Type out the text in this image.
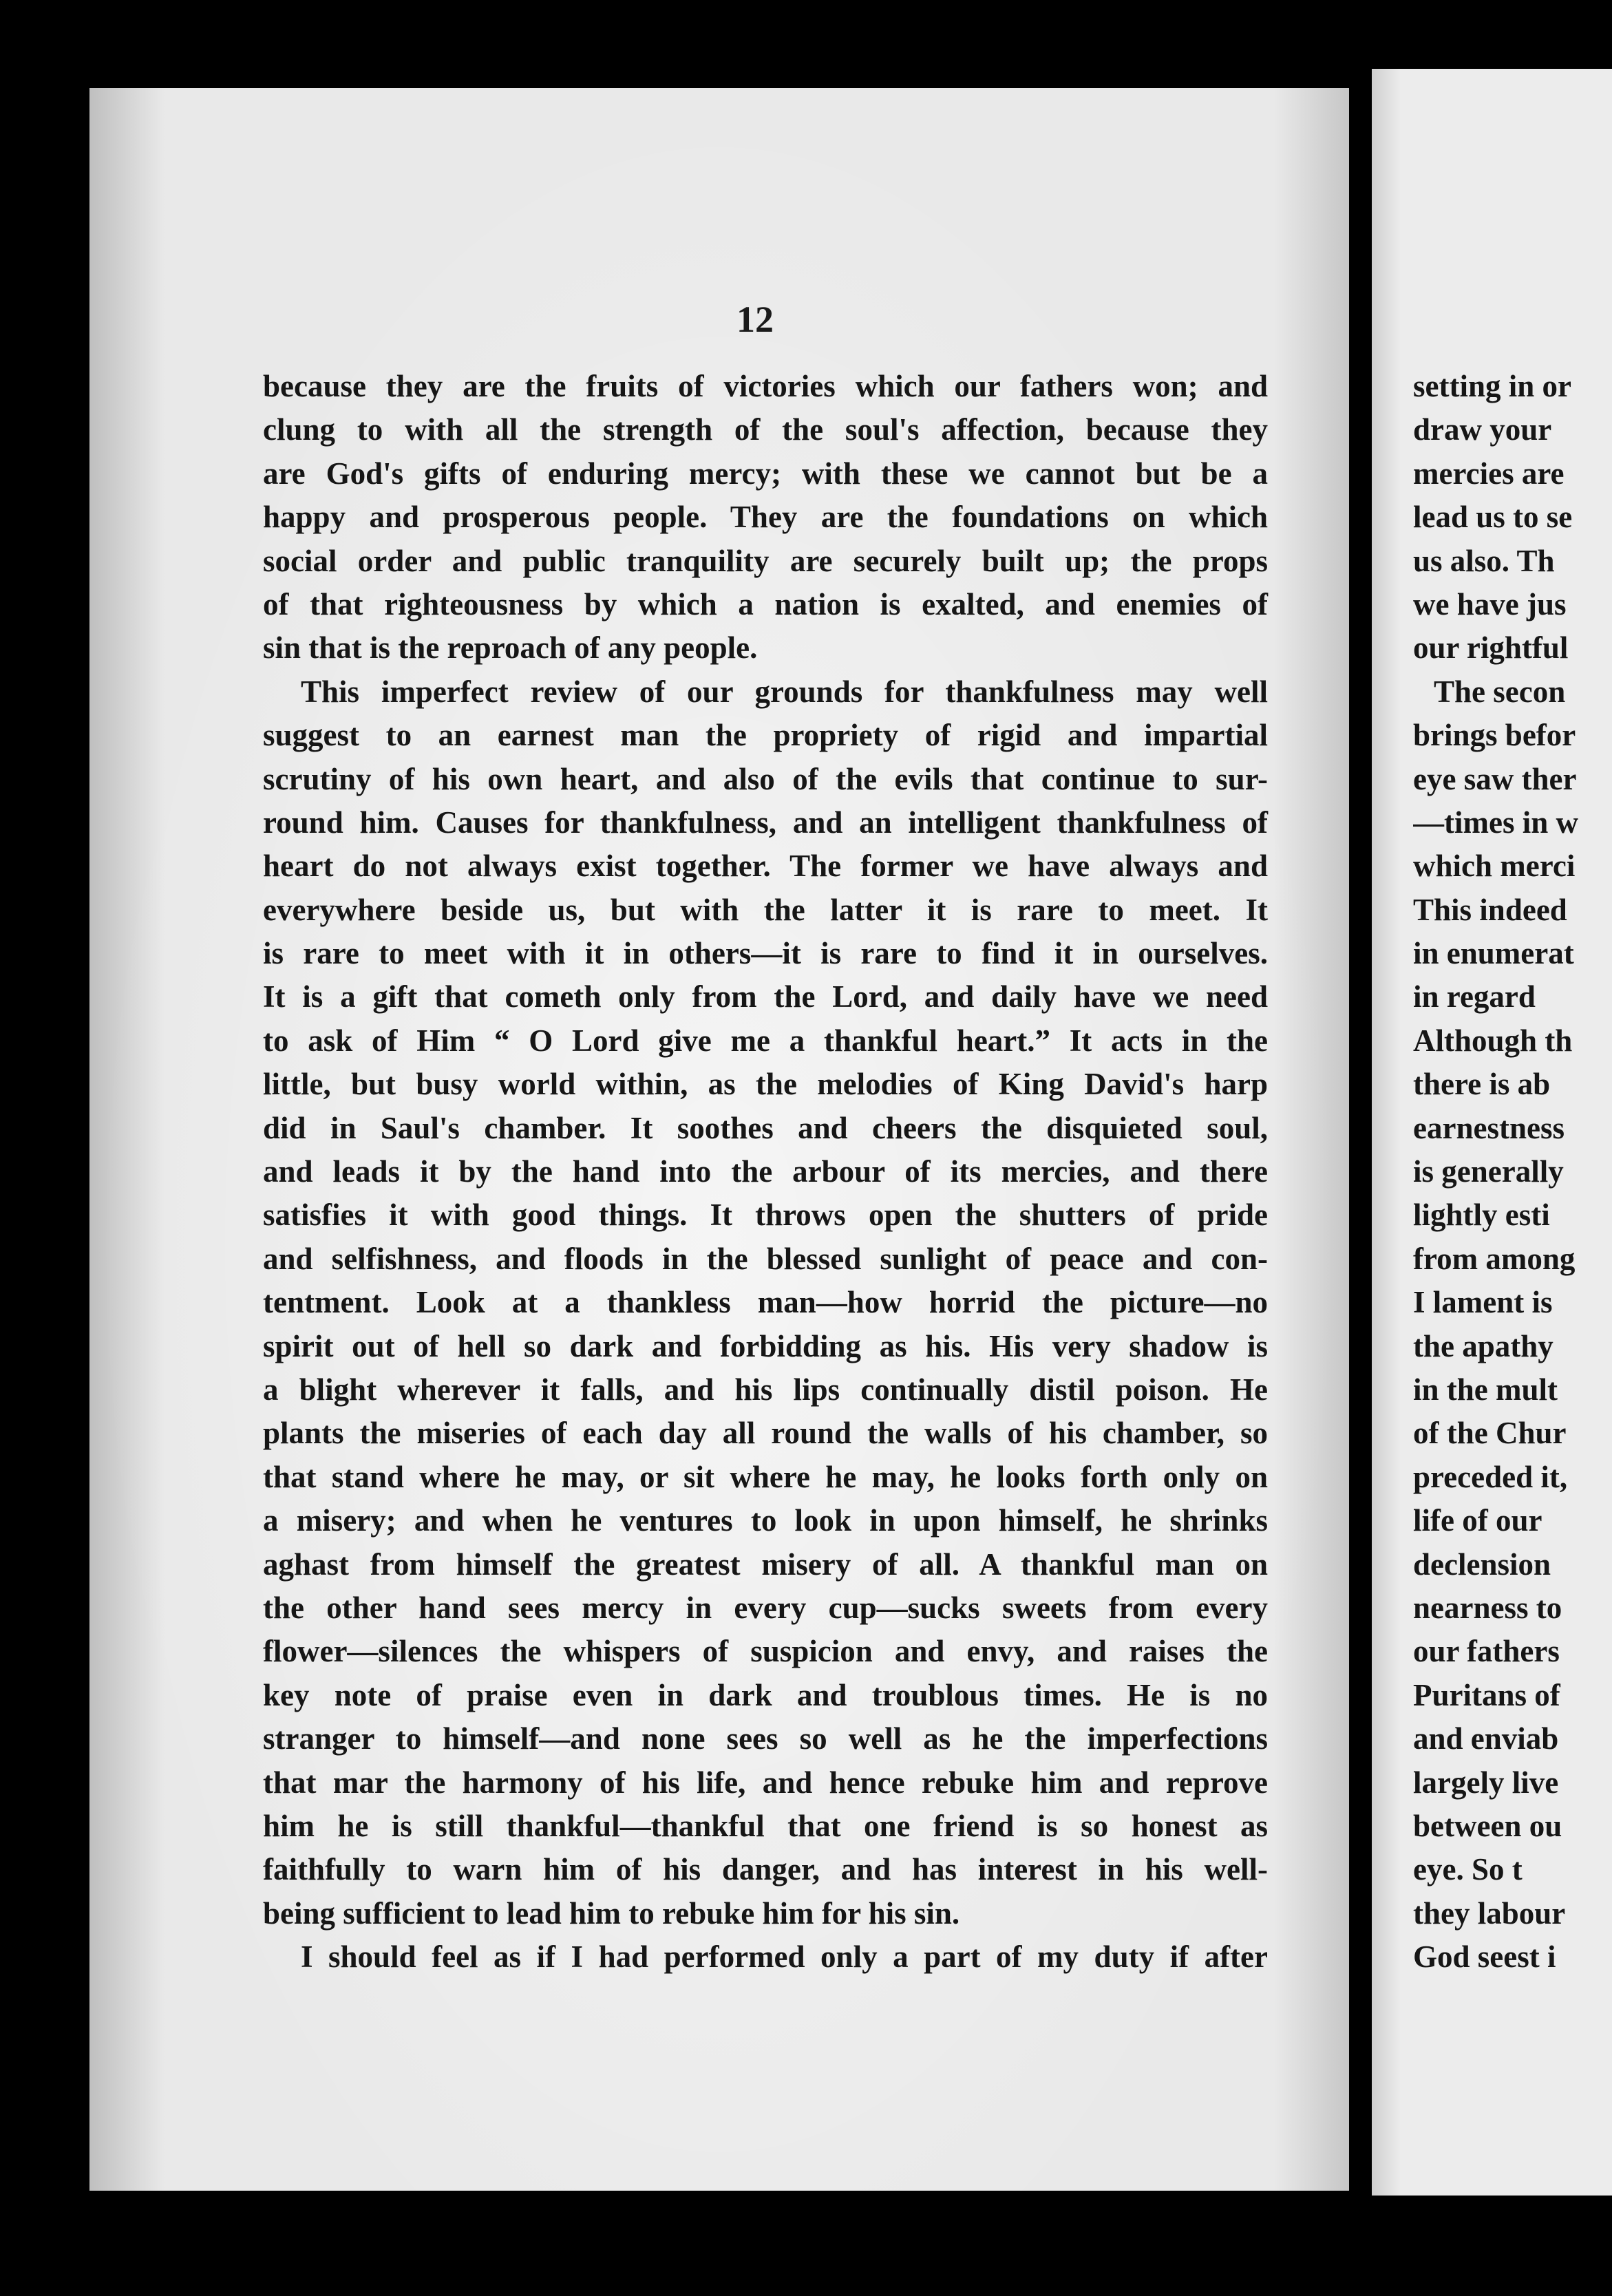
12
because they are the fruits of victories which our fathers won; and
clung to with all the strength of the soul's affection, because they
are God's gifts of enduring mercy; with these we cannot but be a
happy and prosperous people. They are the foundations on which
social order and public tranquility are securely built up; the props
of that righteousness by which a nation is exalted, and enemies of
sin that is the reproach of any people.
This imperfect review of our grounds for thankfulness may well
suggest to an earnest man the propriety of rigid and impartial
scrutiny of his own heart, and also of the evils that continue to sur-
round him. Causes for thankfulness, and an intelligent thankfulness of
heart do not always exist together. The former we have always and
everywhere beside us, but with the latter it is rare to meet. It
is rare to meet with it in others—it is rare to find it in ourselves.
It is a gift that cometh only from the Lord, and daily have we need
to ask of Him “ O Lord give me a thankful heart.” It acts in the
little, but busy world within, as the melodies of King David's harp
did in Saul's chamber. It soothes and cheers the disquieted soul,
and leads it by the hand into the arbour of its mercies, and there
satisfies it with good things. It throws open the shutters of pride
and selfishness, and floods in the blessed sunlight of peace and con-
tentment. Look at a thankless man—how horrid the picture—no
spirit out of hell so dark and forbidding as his. His very shadow is
a blight wherever it falls, and his lips continually distil poison. He
plants the miseries of each day all round the walls of his chamber, so
that stand where he may, or sit where he may, he looks forth only on
a misery; and when he ventures to look in upon himself, he shrinks
aghast from himself the greatest misery of all. A thankful man on
the other hand sees mercy in every cup—sucks sweets from every
flower—silences the whispers of suspicion and envy, and raises the
key note of praise even in dark and troublous times. He is no
stranger to himself—and none sees so well as he the imperfections
that mar the harmony of his life, and hence rebuke him and reprove
him he is still thankful—thankful that one friend is so honest as
faithfully to warn him of his danger, and has interest in his well-
being sufficient to lead him to rebuke him for his sin.
I should feel as if I had performed only a part of my duty if after
setting in or
draw your
mercies are
lead us to se
us also. Th
we have jus
our rightful
The secon
brings befor
eye saw ther
—times in w
which merci
This indeed
in enumerat
in regard
Although th
there is ab
earnestness
is generally
lightly esti
from among
I lament is
the apathy
in the mult
of the Chur
preceded it,
life of our
declension
nearness to
our fathers
Puritans of
and enviab
largely live
between ou
eye. So t
they labour
God seest i
